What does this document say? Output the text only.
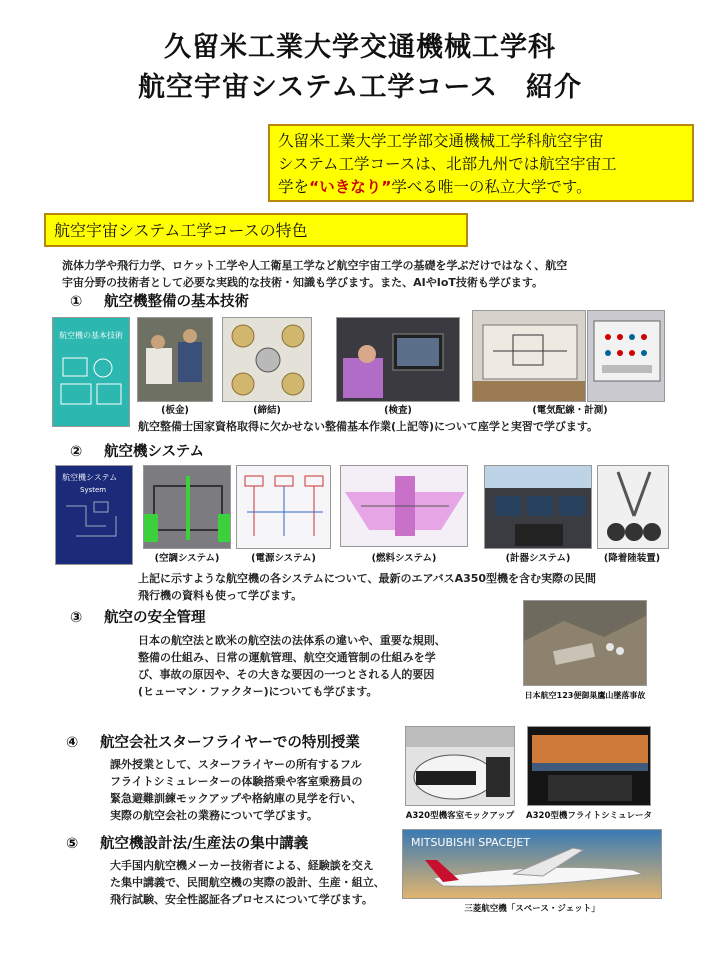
久留米工業大学交通機械工学科
航空宇宙システム工学コース　紹介
久留米工業大学工学部交通機械工学科航空宇宙
システム工学コースは、北部九州では航空宇宙工
学を“いきなり”学べる唯一の私立大学です。
航空宇宙システム工学コースの特色
流体力学や飛行力学、ロケット工学や人工衛星工学など航空宇宙工学の基礎を学ぶだけではなく、航空
宇宙分野の技術者として必要な実践的な技術・知識も学びます。また、AIやIoT技術も学びます。
① 航空機整備の基本技術
航空機の基本技術
(板金)	(締結)	(検査)	(電気配線・計測)
航空整備士国家資格取得に欠かせない整備基本作業(上記等)について座学と実習で学びます。
② 航空機システム
航空機システム
System
(空調システム)	(電源システム)	(燃料システム)	(計器システム)	(降着陸装置)
上記に示すような航空機の各システムについて、最新のエアバスA350型機を含む実際の民間
飛行機の資料も使って学びます。
③ 航空の安全管理
日本の航空法と欧米の航空法の法体系の違いや、重要な規則、
整備の仕組み、日常の運航管理、航空交通管制の仕組みを学
び、事故の原因や、その大きな要因の一つとされる人的要因
(ヒューマン・ファクター)についても学びます。	日本航空123便御巣鷹山墜落事故
④ 航空会社スターフライヤーでの特別授業
課外授業として、スターフライヤーの所有するフル
フライトシミュレーターの体験搭乗や客室乗務員の
緊急避難訓練モックアップや格納庫の見学を行い、
実際の航空会社の業務について学びます。	A320型機客室モックアップ	A320型機フライトシミュレータ
⑤ 航空機設計法/生産法の集中講義
大手国内航空機メーカー技術者による、経験談を交え
た集中講義で、民間航空機の実際の設計、生産・組立、
飛行試験、安全性認証各プロセスについて学びます。
MITSUBISHI SPACEJET
三菱航空機「スペース・ジェット」
